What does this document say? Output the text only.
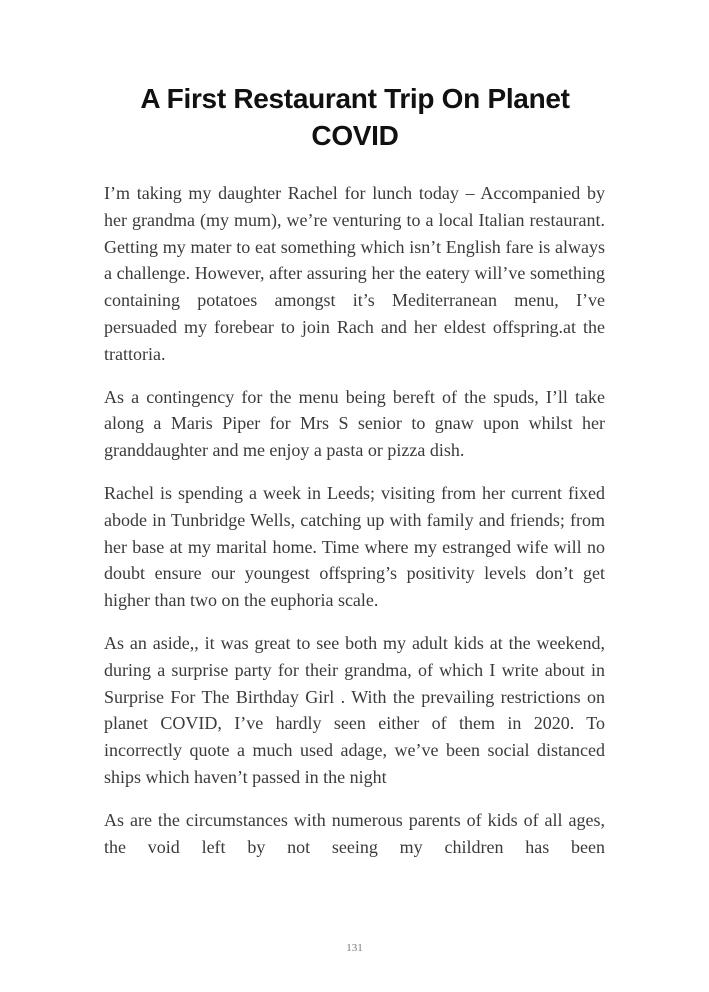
A First Restaurant Trip On Planet COVID

I’m taking my daughter Rachel for lunch today – Accompanied by her grandma (my mum), we’re venturing to a local Italian restaurant. Getting my mater to eat something which isn’t English fare is always a challenge. However, after assuring her the eatery will’ve something containing potatoes amongst it’s Mediterranean menu, I’ve persuaded my forebear to join Rach and her eldest offspring.at the trattoria.

As a contingency for the menu being bereft of the spuds, I’ll take along a Maris Piper for Mrs S senior to gnaw upon whilst her granddaughter and me enjoy a pasta or pizza dish.

Rachel is spending a week in Leeds; visiting from her current fixed abode in Tunbridge Wells, catching up with family and friends; from her base at my marital home. Time where my estranged wife will no doubt ensure our youngest offspring’s positivity levels don’t get higher than two on the euphoria scale.

As an aside,, it was great to see both my adult kids at the weekend, during a surprise party for their grandma, of which I write about in Surprise For The Birthday Girl . With the prevailing restrictions on planet COVID, I’ve hardly seen either of them in 2020. To incorrectly quote a much used adage, we’ve been social distanced ships which haven’t passed in the night

As are the circumstances with numerous parents of kids of all ages, the void left by not seeing my children has been

131
